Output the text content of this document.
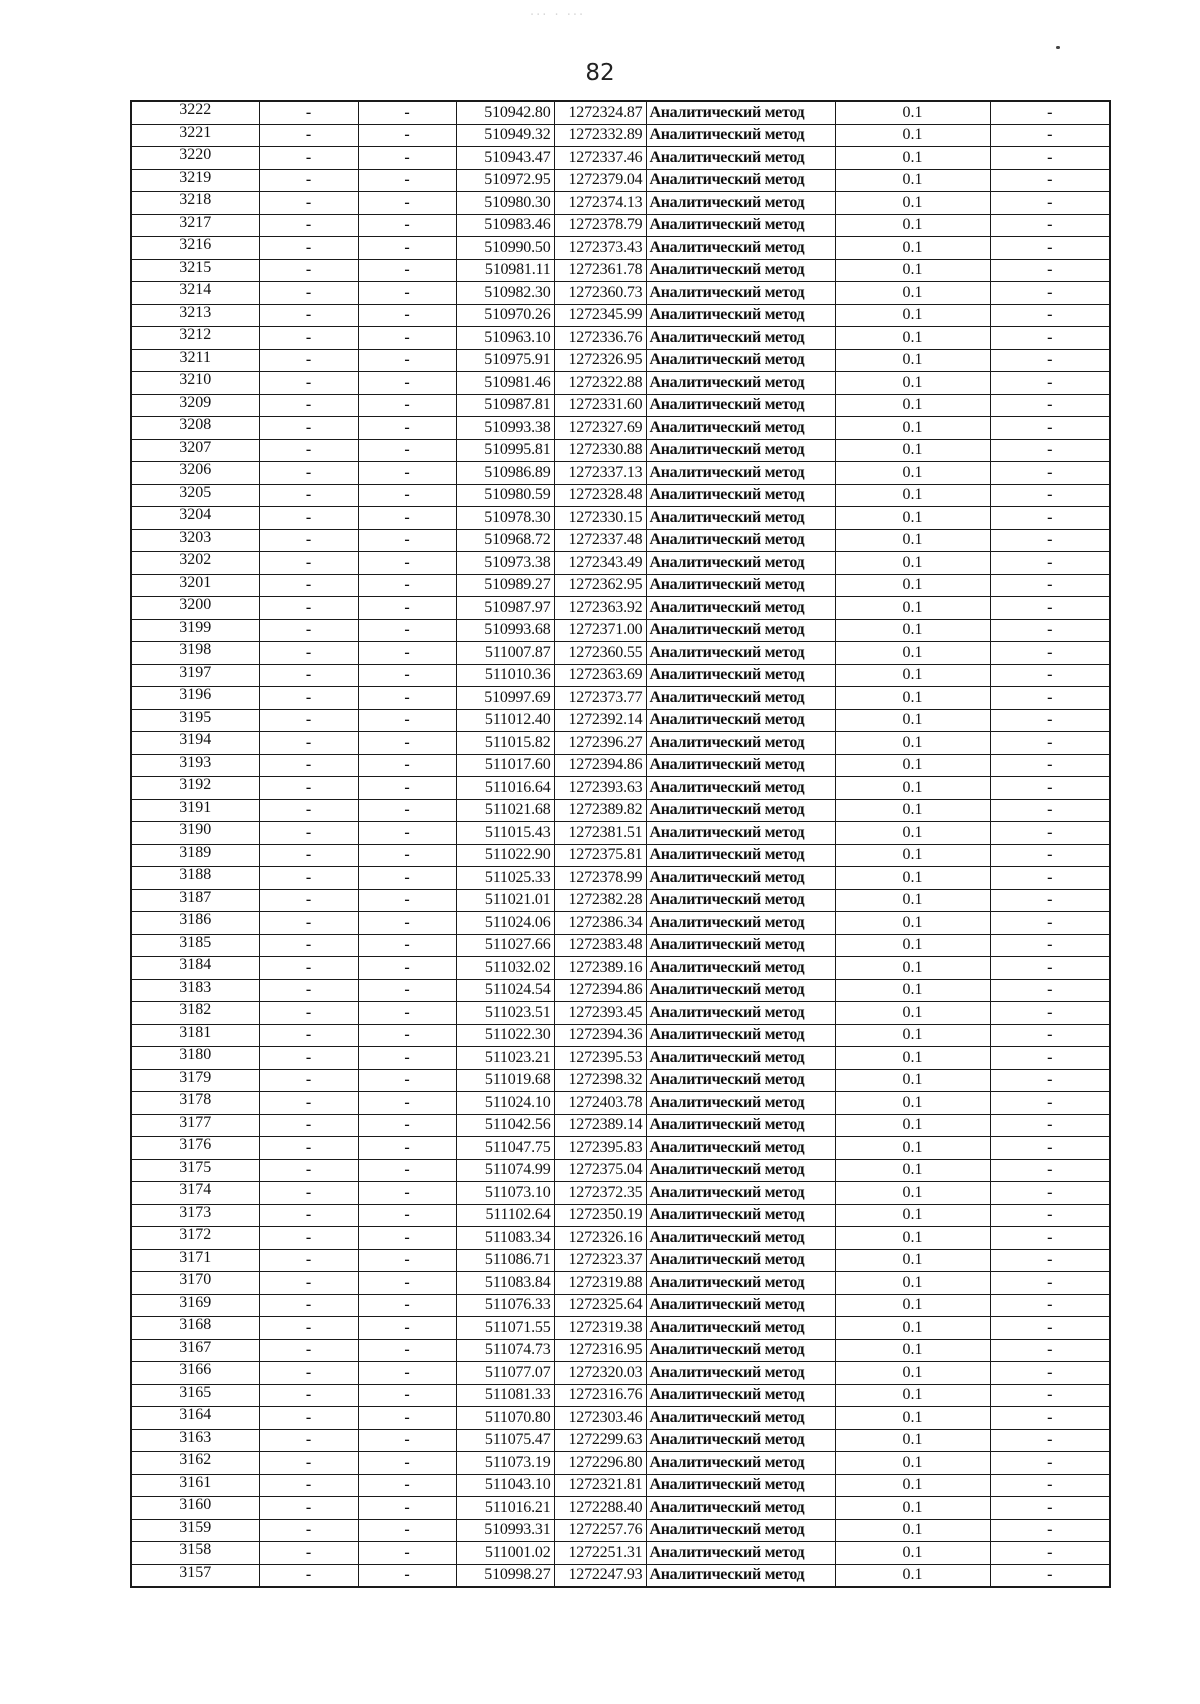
··· · ···
82
3222	-	-	510942.80	1272324.87	Аналитический метод	0.1	-
3221	-	-	510949.32	1272332.89	Аналитический метод	0.1	-
3220	-	-	510943.47	1272337.46	Аналитический метод	0.1	-
3219	-	-	510972.95	1272379.04	Аналитический метод	0.1	-
3218	-	-	510980.30	1272374.13	Аналитический метод	0.1	-
3217	-	-	510983.46	1272378.79	Аналитический метод	0.1	-
3216	-	-	510990.50	1272373.43	Аналитический метод	0.1	-
3215	-	-	510981.11	1272361.78	Аналитический метод	0.1	-
3214	-	-	510982.30	1272360.73	Аналитический метод	0.1	-
3213	-	-	510970.26	1272345.99	Аналитический метод	0.1	-
3212	-	-	510963.10	1272336.76	Аналитический метод	0.1	-
3211	-	-	510975.91	1272326.95	Аналитический метод	0.1	-
3210	-	-	510981.46	1272322.88	Аналитический метод	0.1	-
3209	-	-	510987.81	1272331.60	Аналитический метод	0.1	-
3208	-	-	510993.38	1272327.69	Аналитический метод	0.1	-
3207	-	-	510995.81	1272330.88	Аналитический метод	0.1	-
3206	-	-	510986.89	1272337.13	Аналитический метод	0.1	-
3205	-	-	510980.59	1272328.48	Аналитический метод	0.1	-
3204	-	-	510978.30	1272330.15	Аналитический метод	0.1	-
3203	-	-	510968.72	1272337.48	Аналитический метод	0.1	-
3202	-	-	510973.38	1272343.49	Аналитический метод	0.1	-
3201	-	-	510989.27	1272362.95	Аналитический метод	0.1	-
3200	-	-	510987.97	1272363.92	Аналитический метод	0.1	-
3199	-	-	510993.68	1272371.00	Аналитический метод	0.1	-
3198	-	-	511007.87	1272360.55	Аналитический метод	0.1	-
3197	-	-	511010.36	1272363.69	Аналитический метод	0.1	-
3196	-	-	510997.69	1272373.77	Аналитический метод	0.1	-
3195	-	-	511012.40	1272392.14	Аналитический метод	0.1	-
3194	-	-	511015.82	1272396.27	Аналитический метод	0.1	-
3193	-	-	511017.60	1272394.86	Аналитический метод	0.1	-
3192	-	-	511016.64	1272393.63	Аналитический метод	0.1	-
3191	-	-	511021.68	1272389.82	Аналитический метод	0.1	-
3190	-	-	511015.43	1272381.51	Аналитический метод	0.1	-
3189	-	-	511022.90	1272375.81	Аналитический метод	0.1	-
3188	-	-	511025.33	1272378.99	Аналитический метод	0.1	-
3187	-	-	511021.01	1272382.28	Аналитический метод	0.1	-
3186	-	-	511024.06	1272386.34	Аналитический метод	0.1	-
3185	-	-	511027.66	1272383.48	Аналитический метод	0.1	-
3184	-	-	511032.02	1272389.16	Аналитический метод	0.1	-
3183	-	-	511024.54	1272394.86	Аналитический метод	0.1	-
3182	-	-	511023.51	1272393.45	Аналитический метод	0.1	-
3181	-	-	511022.30	1272394.36	Аналитический метод	0.1	-
3180	-	-	511023.21	1272395.53	Аналитический метод	0.1	-
3179	-	-	511019.68	1272398.32	Аналитический метод	0.1	-
3178	-	-	511024.10	1272403.78	Аналитический метод	0.1	-
3177	-	-	511042.56	1272389.14	Аналитический метод	0.1	-
3176	-	-	511047.75	1272395.83	Аналитический метод	0.1	-
3175	-	-	511074.99	1272375.04	Аналитический метод	0.1	-
3174	-	-	511073.10	1272372.35	Аналитический метод	0.1	-
3173	-	-	511102.64	1272350.19	Аналитический метод	0.1	-
3172	-	-	511083.34	1272326.16	Аналитический метод	0.1	-
3171	-	-	511086.71	1272323.37	Аналитический метод	0.1	-
3170	-	-	511083.84	1272319.88	Аналитический метод	0.1	-
3169	-	-	511076.33	1272325.64	Аналитический метод	0.1	-
3168	-	-	511071.55	1272319.38	Аналитический метод	0.1	-
3167	-	-	511074.73	1272316.95	Аналитический метод	0.1	-
3166	-	-	511077.07	1272320.03	Аналитический метод	0.1	-
3165	-	-	511081.33	1272316.76	Аналитический метод	0.1	-
3164	-	-	511070.80	1272303.46	Аналитический метод	0.1	-
3163	-	-	511075.47	1272299.63	Аналитический метод	0.1	-
3162	-	-	511073.19	1272296.80	Аналитический метод	0.1	-
3161	-	-	511043.10	1272321.81	Аналитический метод	0.1	-
3160	-	-	511016.21	1272288.40	Аналитический метод	0.1	-
3159	-	-	510993.31	1272257.76	Аналитический метод	0.1	-
3158	-	-	511001.02	1272251.31	Аналитический метод	0.1	-
3157	-	-	510998.27	1272247.93	Аналитический метод	0.1	-
